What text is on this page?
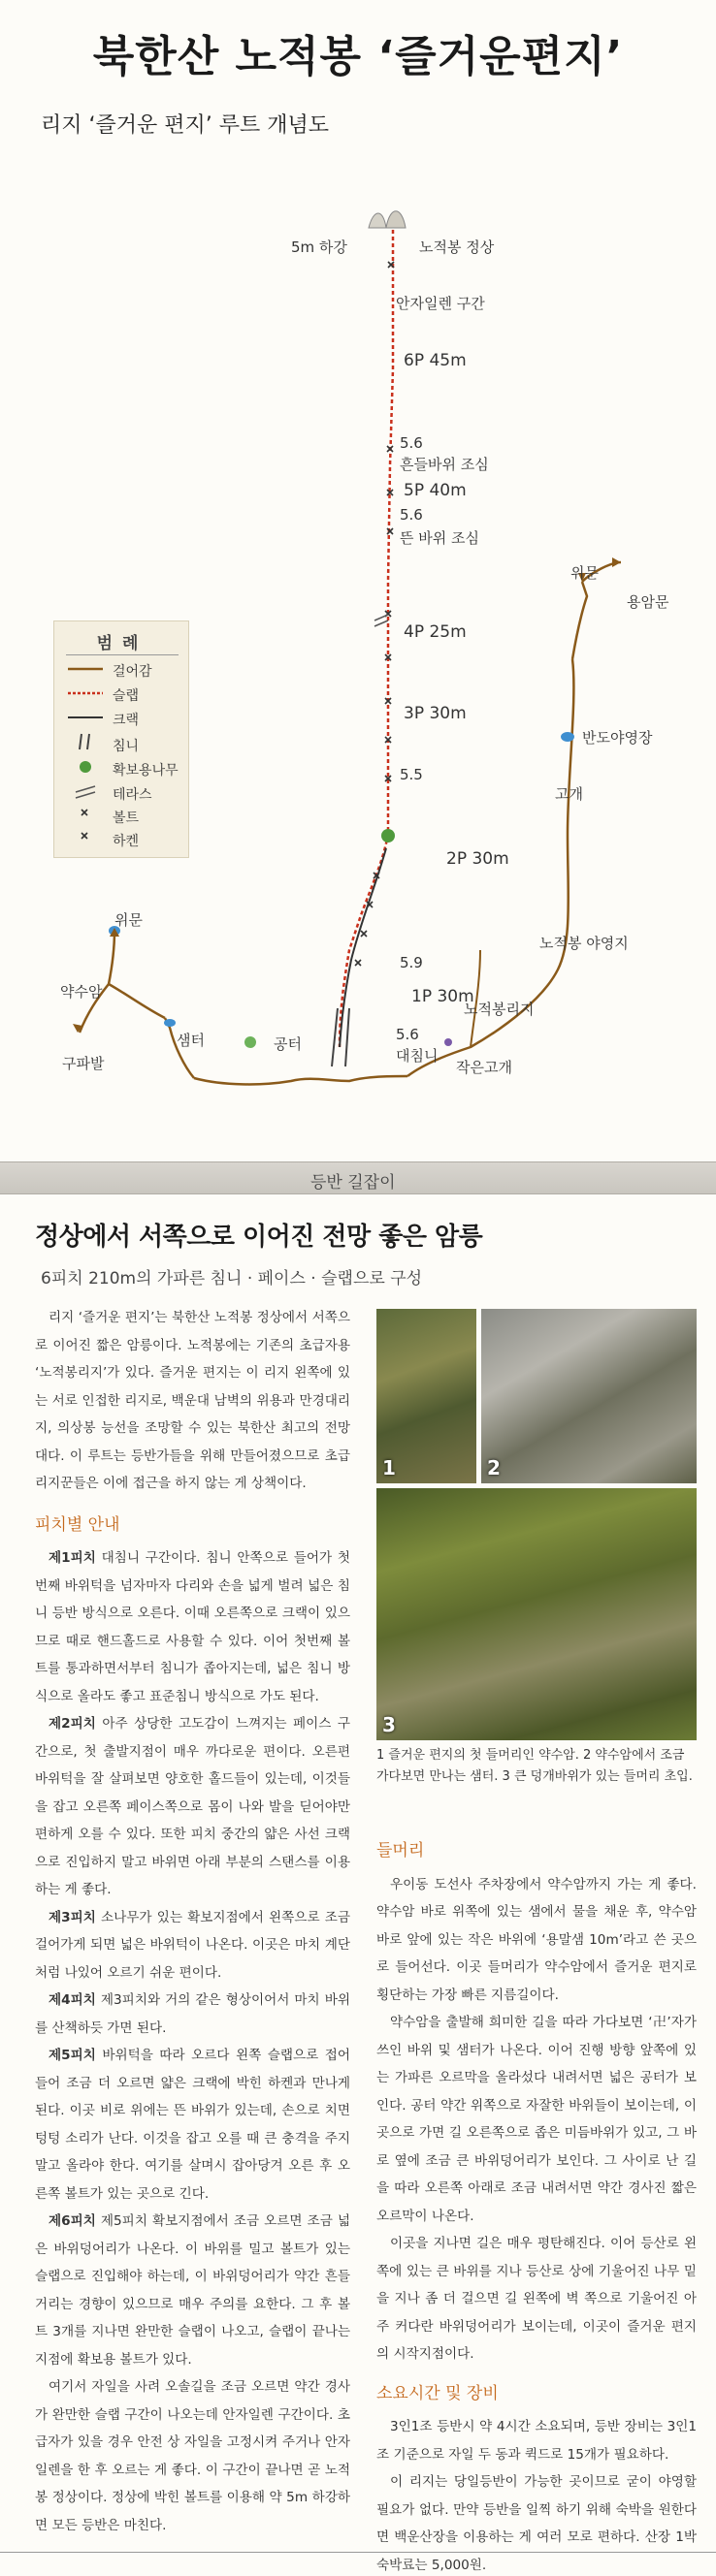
북한산 노적봉 ‘즐거운편지’
리지 ‘즐거운 편지’ 루트 개념도
5m 하강	노적봉 정상
안자일렌 구간
6P 45m
5.6
흔들바위 조심
5P 40m
5.6
뜬 바위 조심
4P 25m
3P 30m
5.5
2P 30m
5.9
1P 30m
5.6
대침니
노적봉리지
작은고개
노적봉 야영지
고개
반도야영장
위문
용암문
위문
약수암
구파발
샘터	공터
범례
걸어감
슬랩
크랙
침니
확보용나무
테라스
볼트
하켄
등반 길잡이
정상에서 서쪽으로 이어진 전망 좋은 암릉
6피치 210m의 가파른 침니 · 페이스 · 슬랩으로 구성

리지 ‘즐거운 편지’는 북한산 노적봉 정상에서 서쪽으로 이어진 짧은 암릉이다. 노적봉에는 기존의 초급자용 ‘노적봉리지’가 있다. 즐거운 편지는 이 리지 왼쪽에 있는 서로 인접한 리지로, 백운대 남벽의 위용과 만경대리지, 의상봉 능선을 조망할 수 있는 북한산 최고의 전망대다. 이 루트는 등반가들을 위해 만들어졌으므로 초급 리지꾼들은 이에 접근을 하지 않는 게 상책이다.

피치별 안내

제1피치 대침니 구간이다. 침니 안쪽으로 들어가 첫 번째 바위턱을 넘자마자 다리와 손을 넓게 벌려 넓은 침니 등반 방식으로 오른다. 이때 오른쪽으로 크랙이 있으므로 때로 핸드홀드로 사용할 수 있다. 이어 첫번째 볼트를 통과하면서부터 침니가 좁아지는데, 넓은 침니 방식으로 올라도 좋고 표준침니 방식으로 가도 된다.

제2피치 아주 상당한 고도감이 느껴지는 페이스 구간으로, 첫 출발지점이 매우 까다로운 편이다. 오른편 바위턱을 잘 살펴보면 양호한 홀드들이 있는데, 이것들을 잡고 오른쪽 페이스쪽으로 몸이 나와 발을 딛어야만 편하게 오를 수 있다. 또한 피치 중간의 얇은 사선 크랙으로 진입하지 말고 바위면 아래 부분의 스탠스를 이용하는 게 좋다.

제3피치 소나무가 있는 확보지점에서 왼쪽으로 조금 걸어가게 되면 넓은 바위턱이 나온다. 이곳은 마치 계단처럼 나있어 오르기 쉬운 편이다.

제4피치 제3피치와 거의 같은 형상이어서 마치 바위를 산책하듯 가면 된다.

제5피치 바위턱을 따라 오르다 왼쪽 슬랩으로 접어들어 조금 더 오르면 얇은 크랙에 박힌 하켄과 만나게 된다. 이곳 비로 위에는 뜬 바위가 있는데, 손으로 치면 텅텅 소리가 난다. 이것을 잡고 오를 때 큰 충격을 주지 말고 올라야 한다. 여기를 살며시 잡아당겨 오른 후 오른쪽 볼트가 있는 곳으로 긴다.

제6피치 제5피치 확보지점에서 조금 오르면 조금 넓은 바위덩어리가 나온다. 이 바위를 밀고 볼트가 있는 슬랩으로 진입해야 하는데, 이 바위덩어리가 약간 흔들거리는 경향이 있으므로 매우 주의를 요한다. 그 후 볼트 3개를 지나면 완만한 슬랩이 나오고, 슬랩이 끝나는 지점에 확보용 볼트가 있다.

여기서 자일을 사려 오솔길을 조금 오르면 약간 경사가 완만한 슬랩 구간이 나오는데 안자일렌 구간이다. 초급자가 있을 경우 안전 상 자일을 고정시켜 주거나 안자일렌을 한 후 오르는 게 좋다. 이 구간이 끝나면 곧 노적봉 정상이다. 정상에 박힌 볼트를 이용해 약 5m 하강하면 모든 등반은 마친다.

1	2
3
1 즐거운 편지의 첫 들머리인 약수암. 2 약수암에서 조금 가다보면 만나는 샘터. 3 큰 덩개바위가 있는 들머리 초입.
들머리

우이동 도선사 주차장에서 약수암까지 가는 게 좋다. 약수암 바로 위쪽에 있는 샘에서 물을 채운 후, 약수암 바로 앞에 있는 작은 바위에 ‘용말샘 10m’라고 쓴 곳으로 들어선다. 이곳 들머리가 약수암에서 즐거운 편지로 횡단하는 가장 빠른 지름길이다.

약수암을 출발해 희미한 길을 따라 가다보면 ‘卍’자가 쓰인 바위 및 샘터가 나온다. 이어 진행 방향 앞쪽에 있는 가파른 오르막을 올라섰다 내려서면 넓은 공터가 보인다. 공터 약간 위쪽으로 자잘한 바위들이 보이는데, 이곳으로 가면 길 오른쪽으로 좁은 미듬바위가 있고, 그 바로 옆에 조금 큰 바위덩어리가 보인다. 그 사이로 난 길을 따라 오른쪽 아래로 조금 내려서면 약간 경사진 짧은 오르막이 나온다.

이곳을 지나면 길은 매우 평탄해진다. 이어 등산로 왼쪽에 있는 큰 바위를 지나 등산로 상에 기울어진 나무 밑을 지나 좀 더 걸으면 길 왼쪽에 벽 쪽으로 기울어진 아주 커다란 바위덩어리가 보이는데, 이곳이 즐거운 편지의 시작지점이다.

소요시간 및 장비

3인1조 등반시 약 4시간 소요되며, 등반 장비는 3인1조 기준으로 자일 두 동과 퀵드로 15개가 필요하다.

이 리지는 당일등반이 가능한 곳이므로 굳이 야영할 필요가 없다. 만약 등반을 일찍 하기 위해 숙박을 원한다면 백운산장을 이용하는 게 여러 모로 편하다. 산장 1박 숙박료는 5,000원.
